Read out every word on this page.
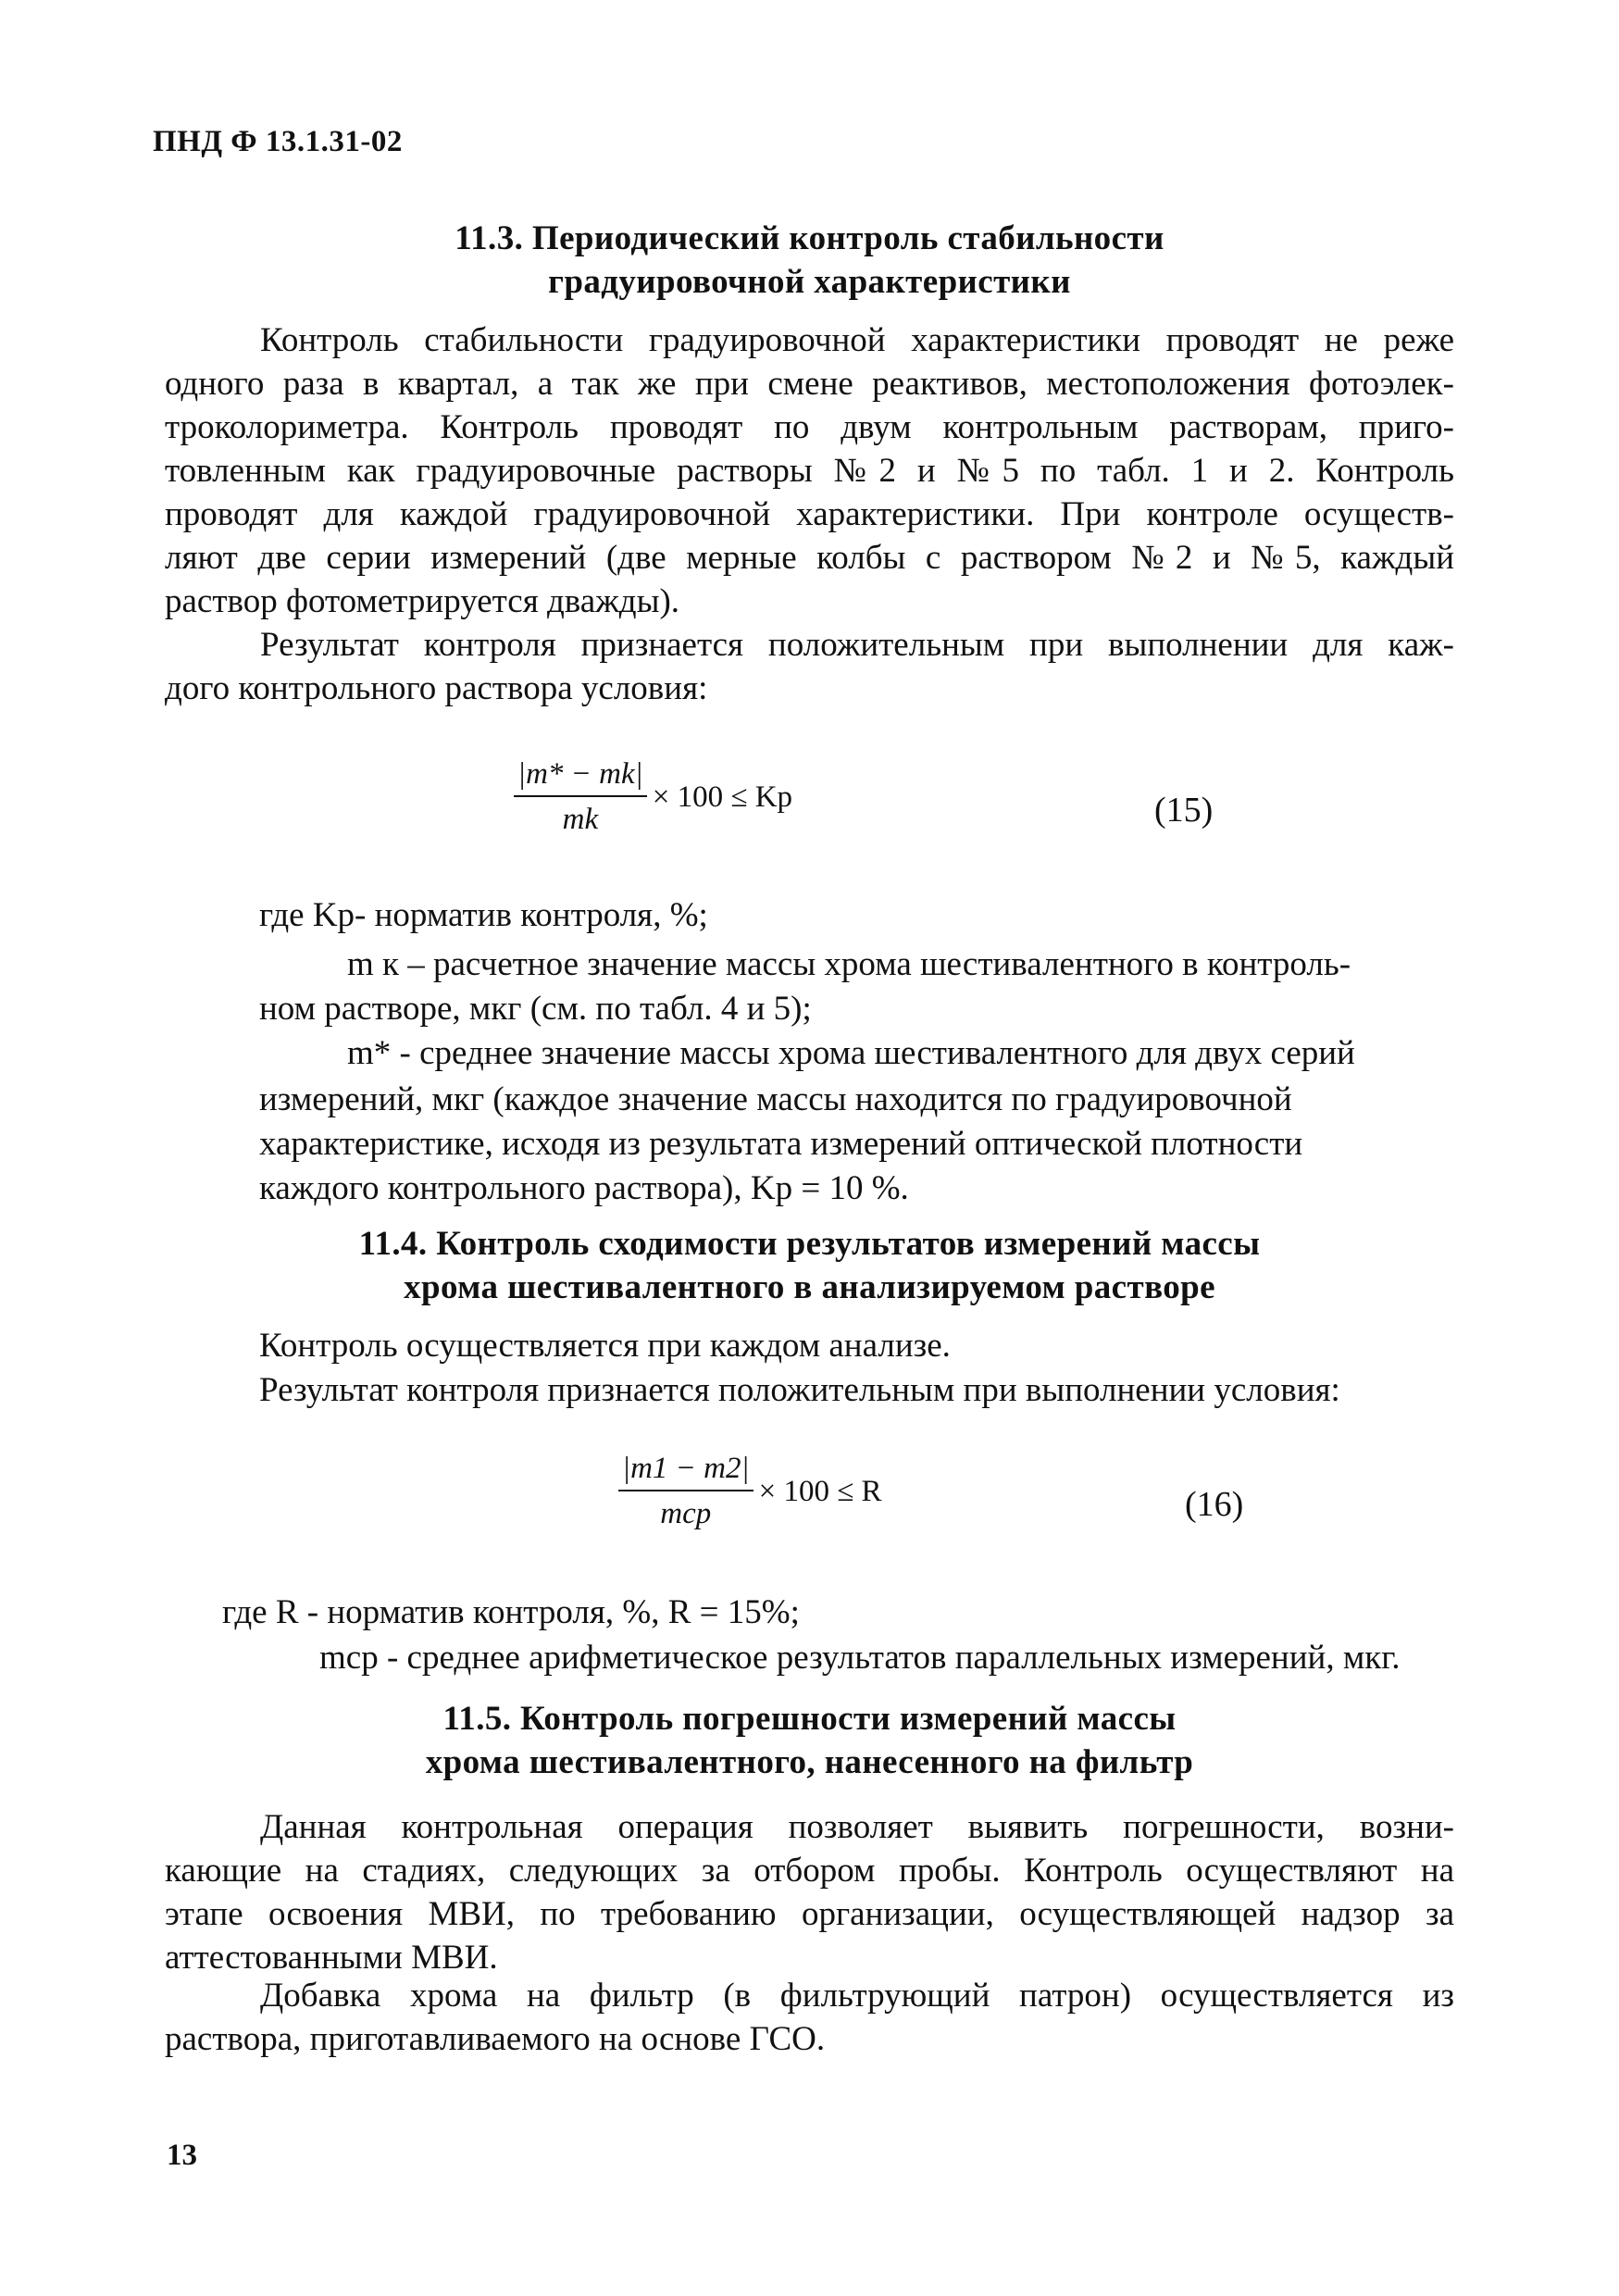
ПНД Ф 13.1.31-02
11.3. Периодический контроль стабильности
градуировочной характеристики
Контроль стабильности градуировочной характеристики проводят не реже
одного раза в квартал, а так же при смене реактивов, местоположения фотоэлек-
троколориметра. Контроль проводят по двум контрольным растворам, приго-
товленным как градуировочные растворы №2 и №5 по табл. 1 и 2. Контроль
проводят для каждой градуировочной характеристики. При контроле осуществ-
ляют две серии измерений (две мерные колбы с раствором №2 и №5, каждый
раствор фотометрируется дважды).
Результат контроля признается положительным при выполнении для каж-
дого контрольного раствора условия:
$\frac{|m* - mk|}{mk} \times 100 \le Kp$	(15)
где Kp- норматив контроля, %;
m к – расчетное значение массы хрома шестивалентного в контроль-
ном растворе, мкг (см. по табл. 4 и 5);
m* - среднее значение массы хрома шестивалентного для двух серий
измерений, мкг (каждое значение массы находится по градуировочной
характеристике, исходя из результата измерений оптической плотности
каждого контрольного раствора), Kp = 10 %.
11.4. Контроль сходимости результатов измерений массы
хрома шестивалентного в анализируемом растворе
Контроль осуществляется при каждом анализе.
Результат контроля признается положительным при выполнении условия:
$\frac{|m1 - m2|}{\text{mср}} \times 100 \le R$	(16)
где R - норматив контроля, %, R = 15%;
mср - среднее арифметическое результатов параллельных измерений, мкг.
11.5. Контроль погрешности измерений массы
хрома шестивалентного, нанесенного на фильтр
Данная контрольная операция позволяет выявить погрешности, возни-
кающие на стадиях, следующих за отбором пробы. Контроль осуществляют на
этапе освоения МВИ, по требованию организации, осуществляющей надзор за
аттестованными МВИ.
Добавка хрома на фильтр (в фильтрующий патрон) осуществляется из
раствора, приготавливаемого на основе ГСО.
13
